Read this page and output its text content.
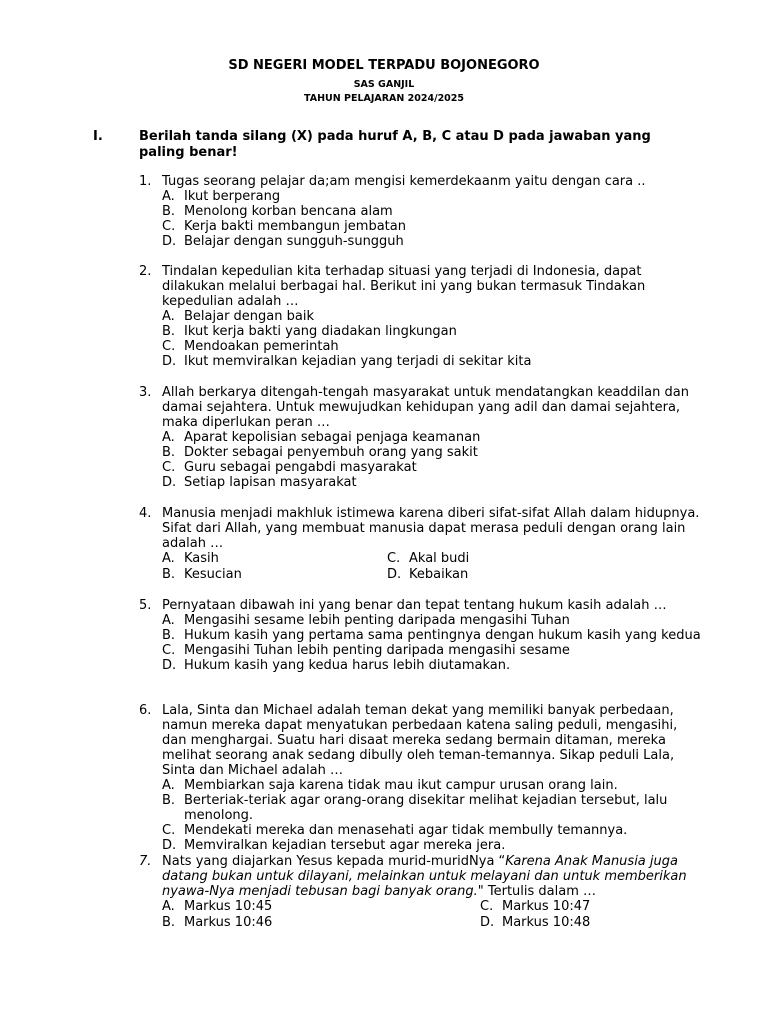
SD NEGERI MODEL TERPADU BOJONEGORO
SAS GANJIL
TAHUN PELAJARAN 2024/2025
I.	Berilah tanda silang (X) pada huruf A, B, C atau D pada jawaban yang paling benar!
1. Tugas seorang pelajar da;am mengisi kemerdekaanm yaitu dengan cara ..

A. Ikut berperang
B. Menolong korban bencana alam
C. Kerja bakti membangun jembatan
D. Belajar dengan sungguh-sungguh
2. Tindalan kepedulian kita terhadap situasi yang terjadi di Indonesia, dapat dilakukan melalui berbagai hal. Berikut ini yang bukan termasuk Tindakan kepedulian adalah …

A. Belajar dengan baik
B. Ikut kerja bakti yang diadakan lingkungan
C. Mendoakan pemerintah
D. Ikut memviralkan kejadian yang terjadi di sekitar kita
3. Allah berkarya ditengah-tengah masyarakat untuk mendatangkan keaddilan dan damai sejahtera. Untuk mewujudkan kehidupan yang adil dan damai sejahtera, maka diperlukan peran …

A. Aparat kepolisian sebagai penjaga keamanan
B. Dokter sebagai penyembuh orang yang sakit
C. Guru sebagai pengabdi masyarakat
D. Setiap lapisan masyarakat
4. Manusia menjadi makhluk istimewa karena diberi sifat-sifat Allah dalam hidupnya. Sifat dari Allah, yang membuat manusia dapat merasa peduli dengan orang lain adalah …

A. Kasih	C. Akal budi
B. Kesucian	D. Kebaikan
5. Pernyataan dibawah ini yang benar dan tepat tentang hukum kasih adalah …

A. Mengasihi sesame lebih penting daripada mengasihi Tuhan
B. Hukum kasih yang pertama sama pentingnya dengan hukum kasih yang kedua
C. Mengasihi Tuhan lebih penting daripada mengasihi sesame
D. Hukum kasih yang kedua harus lebih diutamakan.
6. Lala, Sinta dan Michael adalah teman dekat yang memiliki banyak perbedaan, namun mereka dapat menyatukan perbedaan katena saling peduli, mengasihi, dan menghargai. Suatu hari disaat mereka sedang bermain ditaman, mereka melihat seorang anak sedang dibully oleh teman-temannya. Sikap peduli Lala, Sinta dan Michael adalah …

A. Membiarkan saja karena tidak mau ikut campur urusan orang lain.
B. Berteriak-teriak agar orang-orang disekitar melihat kejadian tersebut, lalu menolong.
C. Mendekati mereka dan menasehati agar tidak membully temannya.
D. Memviralkan kejadian tersebut agar mereka jera.
7. Nats yang diajarkan Yesus kepada murid-muridNya “Karena Anak Manusia juga datang bukan untuk dilayani, melainkan untuk melayani dan untuk memberikan nyawa-Nya menjadi tebusan bagi banyak orang." Tertulis dalam …

A. Markus 10:45	C. Markus 10:47
B. Markus 10:46	D. Markus 10:48
